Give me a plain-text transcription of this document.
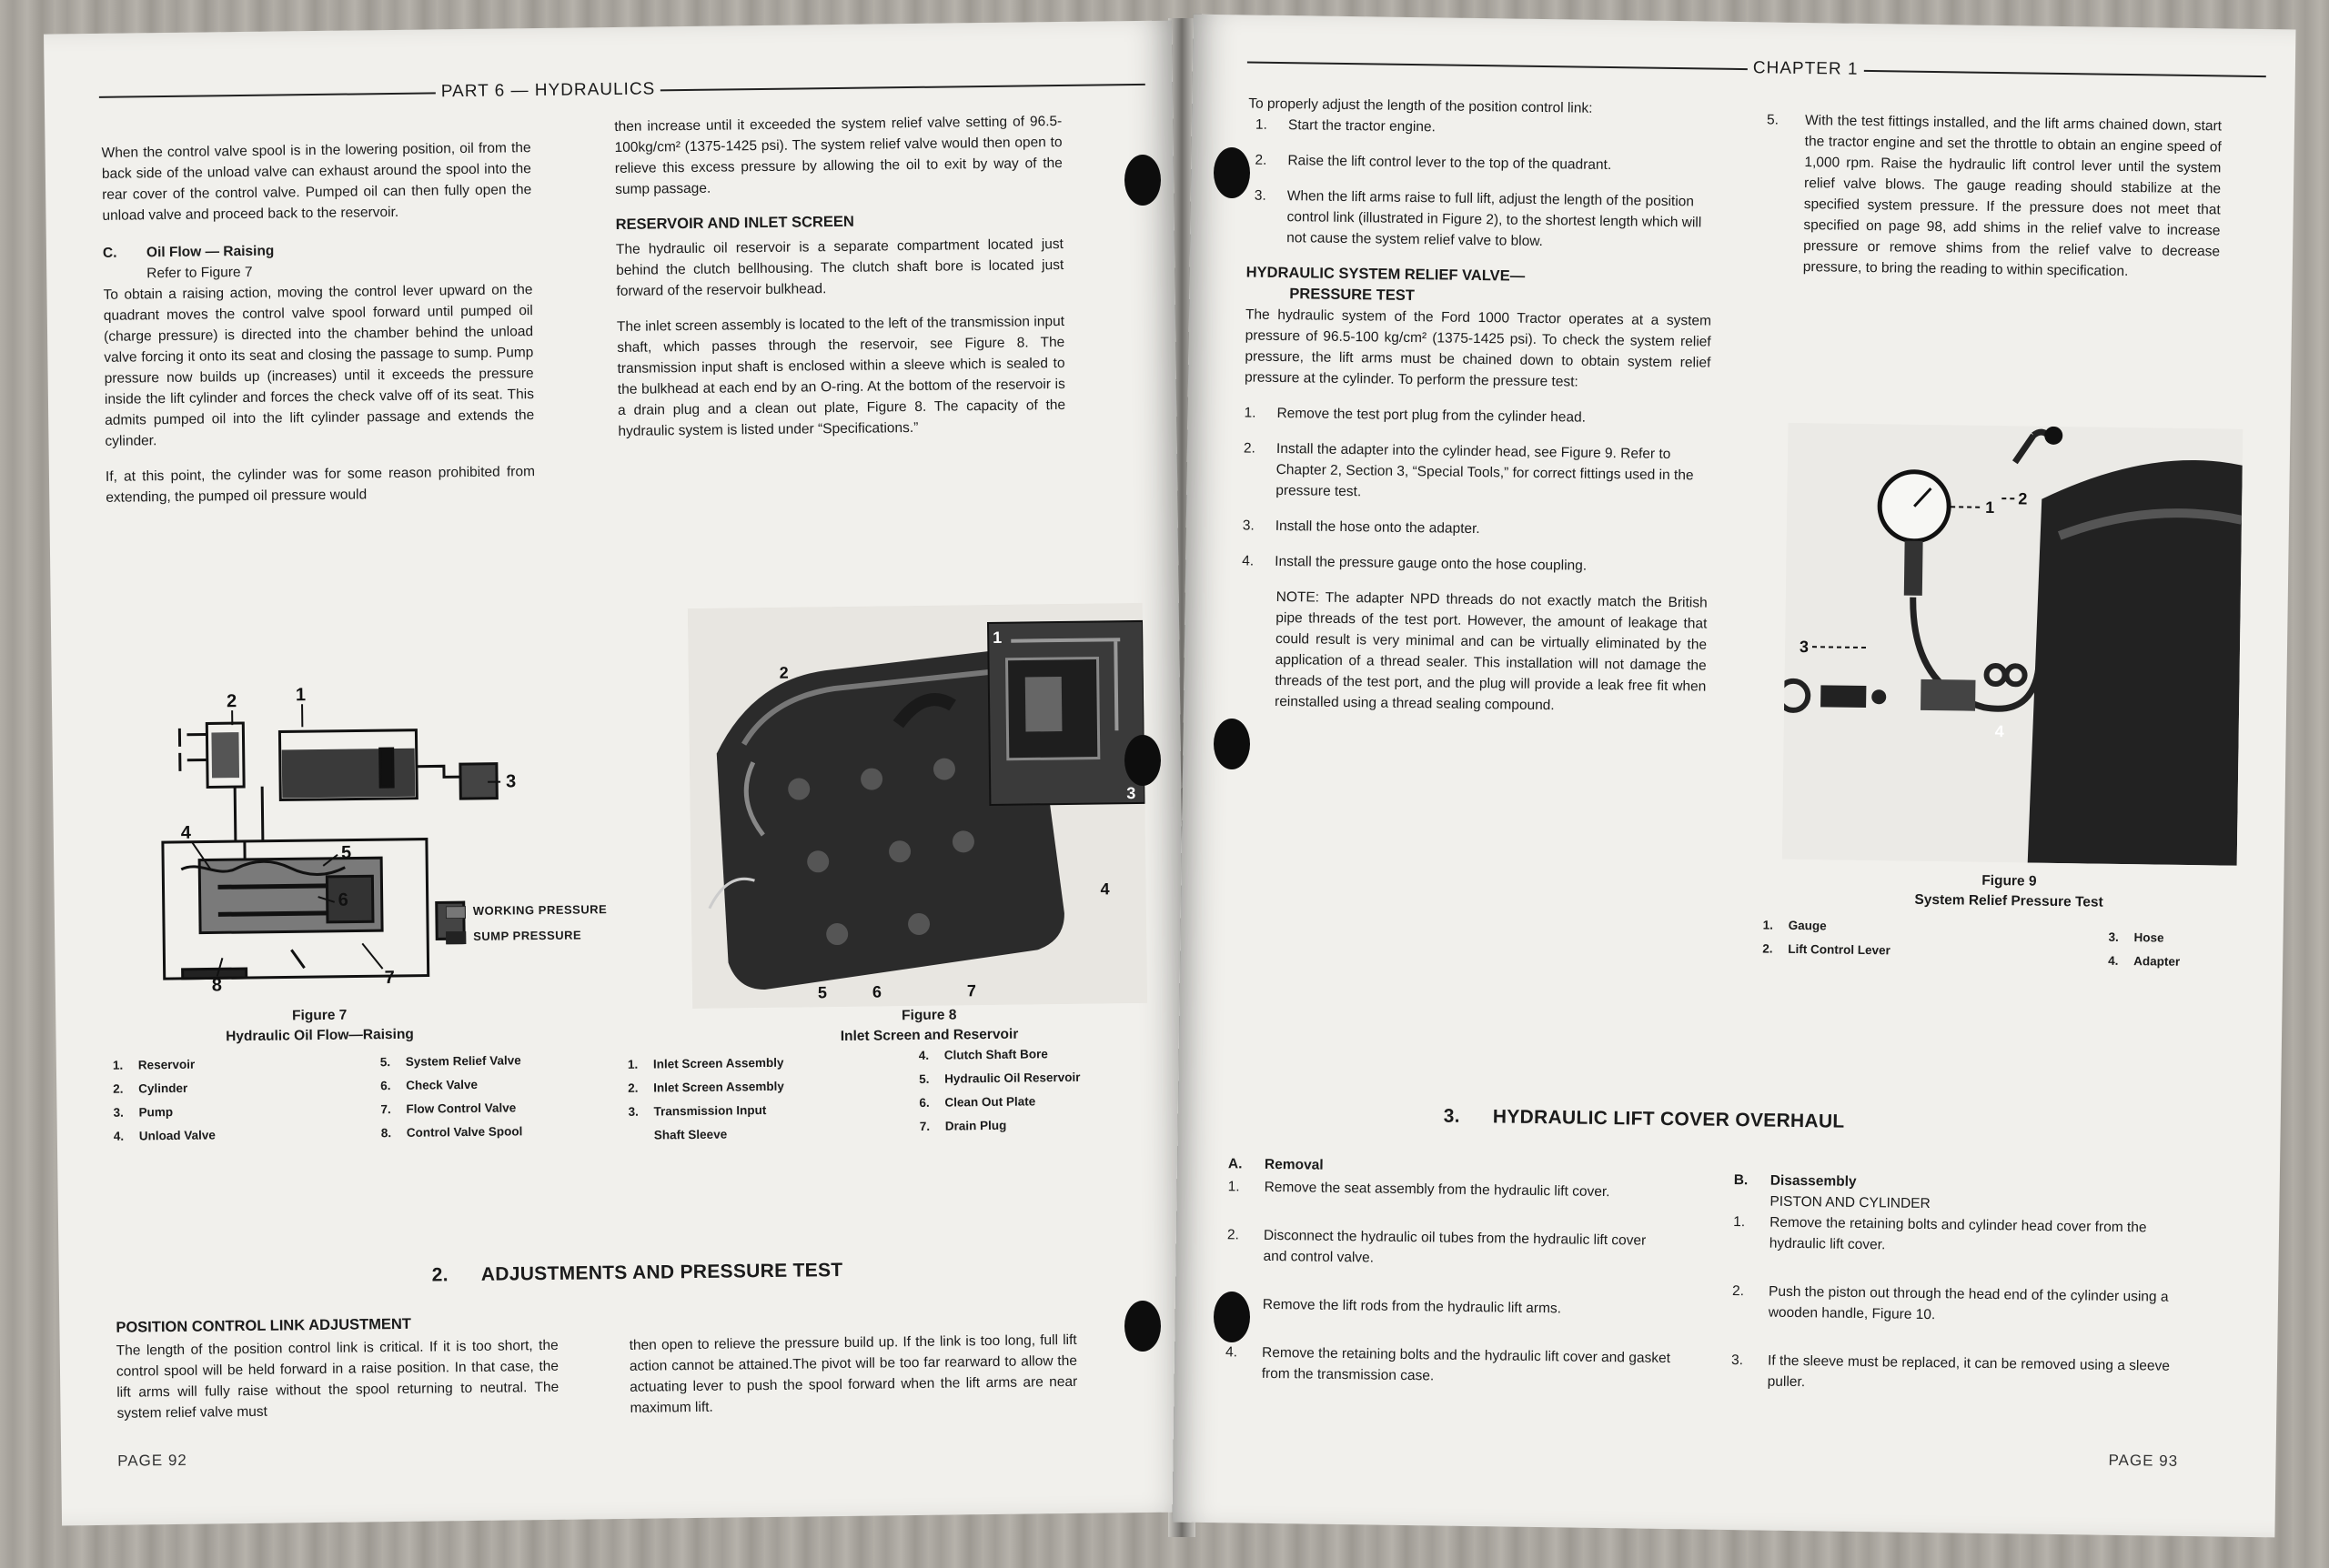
PART 6 — HYDRAULICS

When the control valve spool is in the lowering position, oil from the back side of the unload valve can exhaust around the spool into the rear cover of the control valve. Pumped oil can then fully open the unload valve and proceed back to the reservoir.

C. Oil Flow — Raising
Refer to Figure 7

To obtain a raising action, moving the control lever upward on the quadrant moves the control valve spool forward until pumped oil (charge pressure) is directed into the chamber behind the unload valve forcing it onto its seat and closing the passage to sump. Pump pressure now builds up (increases) until it exceeds the pressure inside the lift cylinder and forces the check valve off of its seat. This admits pumped oil into the lift cylinder passage and extends the cylinder.

If, at this point, the cylinder was for some reason prohibited from extending, the pumped oil pressure would

then increase until it exceeded the system relief valve setting of 96.5-100kg/cm² (1375-1425 psi). The system relief valve would then open to relieve this excess pressure by allowing the oil to exit by way of the sump passage.

RESERVOIR AND INLET SCREEN

The hydraulic oil reservoir is a separate compartment located just behind the clutch bellhousing. The clutch shaft bore is located just forward of the reservoir bulkhead.

The inlet screen assembly is located to the left of the transmission input shaft, which passes through the reservoir, see Figure 8. The transmission input shaft is enclosed within a sleeve which is sealed to the bulkhead at each end by an O-ring. At the bottom of the reservoir is a drain plug and a clean out plate, Figure 8. The capacity of the hydraulic system is listed under “Specifications.”

1
2
3
4
5
6
7
8
WORKING PRESSURE
SUMP PRESSURE
Figure 7
Hydraulic Oil Flow—Raising
1. Reservoir
2. Cylinder
3. Pump
4. Unload Valve
5. System Relief Valve
6. Check Valve
7. Flow Control Valve
8. Control Valve Spool
1
2
3
4
5	6	7
Figure 8
Inlet Screen and Reservoir
1. Inlet Screen Assembly
2. Inlet Screen Assembly
3. Transmission Input
Shaft Sleeve
4. Clutch Shaft Bore
5. Hydraulic Oil Reservoir
6. Clean Out Plate
7. Drain Plug
2. ADJUSTMENTS AND PRESSURE TEST
POSITION CONTROL LINK ADJUSTMENT

The length of the position control link is critical. If it is too short, the control spool will be held forward in a raise position. In that case, the lift arms will fully raise without the spool returning to neutral. The system relief valve must

then open to relieve the pressure build up. If the link is too long, full lift action cannot be attained.The pivot will be too far rearward to allow the actuating lever to push the spool forward when the lift arms are near maximum lift.

PAGE 92
CHAPTER 1
To properly adjust the length of the position control link:
1. Start the tractor engine.
2. Raise the lift control lever to the top of the quadrant.
3. When the lift arms raise to full lift, adjust the length of the position control link (illustrated in Figure 2), to the shortest length which will not cause the system relief valve to blow.
HYDRAULIC SYSTEM RELIEF VALVE—
PRESSURE TEST

The hydraulic system of the Ford 1000 Tractor operates at a system pressure of 96.5-100 kg/cm² (1375-1425 psi). To check the system relief pressure, the lift arms must be chained down to obtain system relief pressure at the cylinder. To perform the pressure test:

1. Remove the test port plug from the cylinder head.
2. Install the adapter into the cylinder head, see Figure 9. Refer to Chapter 2, Section 3, “Special Tools,” for correct fittings used in the pressure test.
3. Install the hose onto the adapter.
4. Install the pressure gauge onto the hose coupling.
NOTE: The adapter NPD threads do not exactly match the British pipe threads of the test port. However, the amount of leakage that could result is very minimal and can be virtually eliminated by the application of a thread sealer. This installation will not damage the threads of the test port, and the plug will provide a leak free fit when reinstalled using a thread sealing compound.
5. With the test fittings installed, and the lift arms chained down, start the tractor engine and set the throttle to obtain an engine speed of 1,000 rpm. Raise the hydraulic lift control lever until the system relief valve blows. The gauge reading should stabilize at the specified system pressure. If the pressure does not meet that specified on page 98, add shims in the relief valve to increase pressure or remove shims from the relief valve to decrease pressure, to bring the reading to within specification.
1 2
3
4
Figure 9
System Relief Pressure Test
1. Gauge
2. Lift Control Lever
3. Hose
4. Adapter
3. HYDRAULIC LIFT COVER OVERHAUL
A. Removal
1. Remove the seat assembly from the hydraulic lift cover.
2. Disconnect the hydraulic oil tubes from the hydraulic lift cover and control valve.
Remove the lift rods from the hydraulic lift arms.
4. Remove the retaining bolts and the hydraulic lift cover and gasket from the transmission case.
B. Disassembly
PISTON AND CYLINDER
1. Remove the retaining bolts and cylinder head cover from the hydraulic lift cover.
2. Push the piston out through the head end of the cylinder using a wooden handle, Figure 10.
3. If the sleeve must be replaced, it can be removed using a sleeve puller.
PAGE 93
